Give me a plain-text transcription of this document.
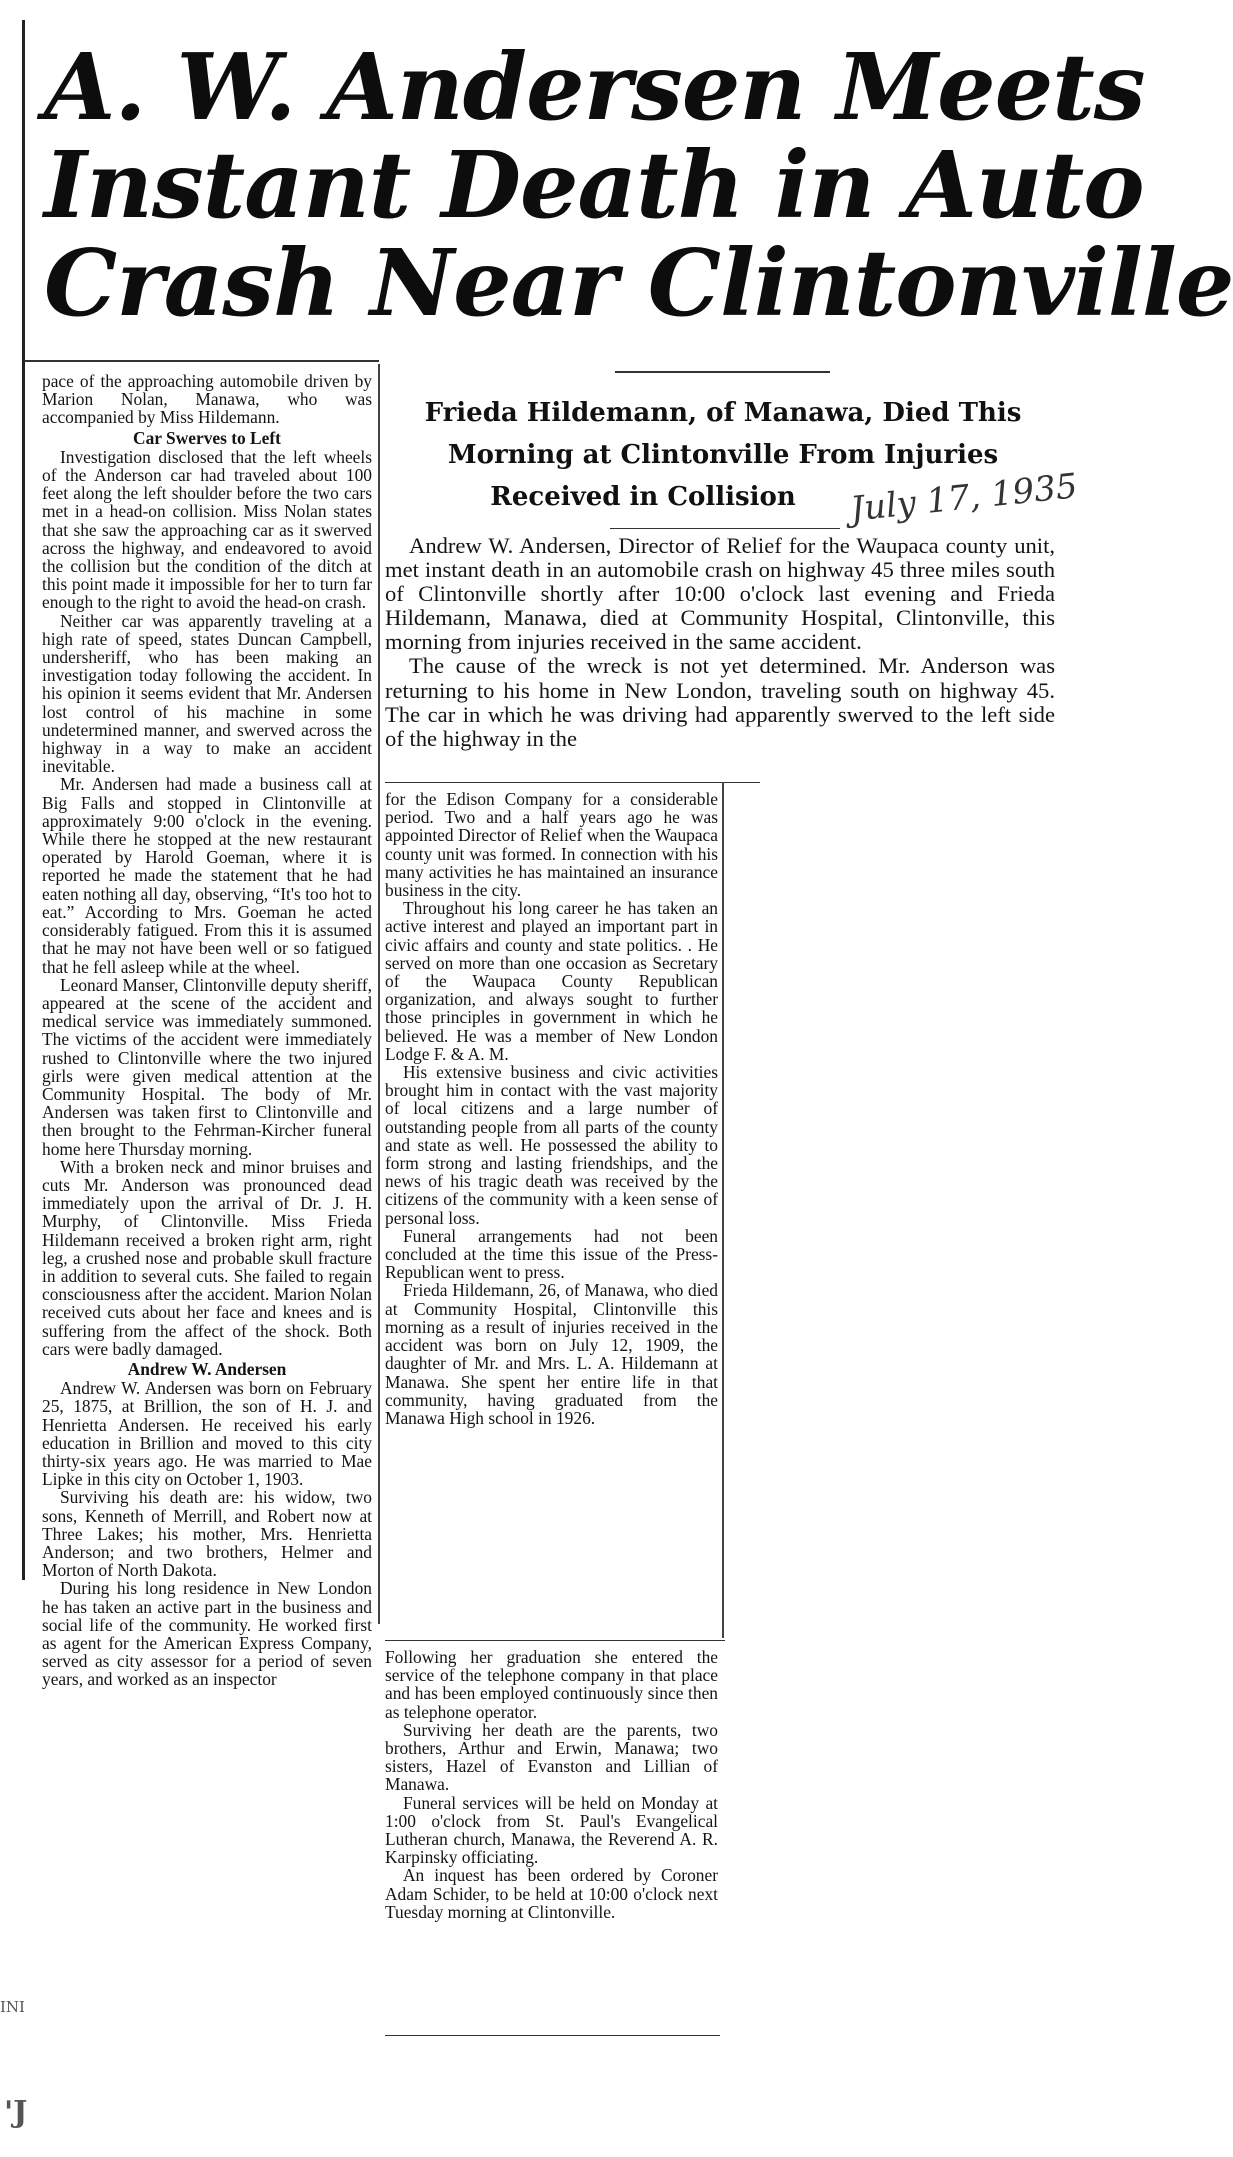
A. W. Andersen Meets
Instant Death in Auto
Crash Near Clintonville
Frieda Hildemann, of Manawa, Died This
Morning at Clintonville From Injuries
Received in Collision	July 17, 1935

Andrew W. Andersen, Director of Relief for the Waupaca county unit, met instant death in an automobile crash on highway 45 three miles south of Clintonville shortly after 10:00 o'clock last evening and Frieda Hildemann, Manawa, died at Community Hospital, Clintonville, this morning from injuries received in the same accident.

The cause of the wreck is not yet determined. Mr. Anderson was returning to his home in New London, traveling south on highway 45. The car in which he was driving had apparently swerved to the left side of the highway in the

pace of the approaching automobile driven by Marion Nolan, Manawa, who was accompanied by Miss Hildemann.

Car Swerves to Left

Investigation disclosed that the left wheels of the Anderson car had traveled about 100 feet along the left shoulder before the two cars met in a head-on collision. Miss Nolan states that she saw the approaching car as it swerved across the highway, and endeavored to avoid the collision but the condition of the ditch at this point made it impossible for her to turn far enough to the right to avoid the head-on crash.

Neither car was apparently traveling at a high rate of speed, states Duncan Campbell, undersheriff, who has been making an investigation today following the accident. In his opinion it seems evident that Mr. Andersen lost control of his machine in some undetermined manner, and swerved across the highway in a way to make an accident inevitable.

Mr. Andersen had made a business call at Big Falls and stopped in Clintonville at approximately 9:00 o'clock in the evening. While there he stopped at the new restaurant operated by Harold Goeman, where it is reported he made the statement that he had eaten nothing all day, observing, “It's too hot to eat.” According to Mrs. Goeman he acted considerably fatigued. From this it is assumed that he may not have been well or so fatigued that he fell asleep while at the wheel.

Leonard Manser, Clintonville deputy sheriff, appeared at the scene of the accident and medical service was immediately summoned. The victims of the accident were immediately rushed to Clintonville where the two injured girls were given medical attention at the Community Hospital. The body of Mr. Andersen was taken first to Clintonville and then brought to the Fehrman-Kircher funeral home here Thursday morning.

With a broken neck and minor bruises and cuts Mr. Anderson was pronounced dead immediately upon the arrival of Dr. J. H. Murphy, of Clintonville. Miss Frieda Hildemann received a broken right arm, right leg, a crushed nose and probable skull fracture in addition to several cuts. She failed to regain consciousness after the accident. Marion Nolan received cuts about her face and knees and is suffering from the affect of the shock. Both cars were badly damaged.

Andrew W. Andersen

Andrew W. Andersen was born on February 25, 1875, at Brillion, the son of H. J. and Henrietta Andersen. He received his early education in Brillion and moved to this city thirty-six years ago. He was married to Mae Lipke in this city on October 1, 1903.

Surviving his death are: his widow, two sons, Kenneth of Merrill, and Robert now at Three Lakes; his mother, Mrs. Henrietta Anderson; and two brothers, Helmer and Morton of North Dakota.

During his long residence in New London he has taken an active part in the business and social life of the community. He worked first as agent for the American Express Company, served as city assessor for a period of seven years, and worked as an inspector

for the Edison Company for a considerable period. Two and a half years ago he was appointed Director of Relief when the Waupaca county unit was formed. In connection with his many activities he has maintained an insurance business in the city.

Throughout his long career he has taken an active interest and played an important part in civic affairs and county and state politics. . He served on more than one occasion as Secretary of the Waupaca County Republican organization, and always sought to further those principles in government in which he believed. He was a member of New London Lodge F. & A. M.

His extensive business and civic activities brought him in contact with the vast majority of local citizens and a large number of outstanding people from all parts of the county and state as well. He possessed the ability to form strong and lasting friendships, and the news of his tragic death was received by the citizens of the community with a keen sense of personal loss.

Funeral arrangements had not been concluded at the time this issue of the Press-Republican went to press.

Frieda Hildemann, 26, of Manawa, who died at Community Hospital, Clintonville this morning as a result of injuries received in the accident was born on July 12, 1909, the daughter of Mr. and Mrs. L. A. Hildemann at Manawa. She spent her entire life in that community, having graduated from the Manawa High school in 1926.

Following her graduation she entered the service of the telephone company in that place and has been employed continuously since then as telephone operator.

Surviving her death are the parents, two brothers, Arthur and Erwin, Manawa; two sisters, Hazel of Evanston and Lillian of Manawa.

Funeral services will be held on Monday at 1:00 o'clock from St. Paul's Evangelical Lutheran church, Manawa, the Reverend A. R. Karpinsky officiating.

An inquest has been ordered by Coroner Adam Schider, to be held at 10:00 o'clock next Tuesday morning at Clintonville.

INI
'J
